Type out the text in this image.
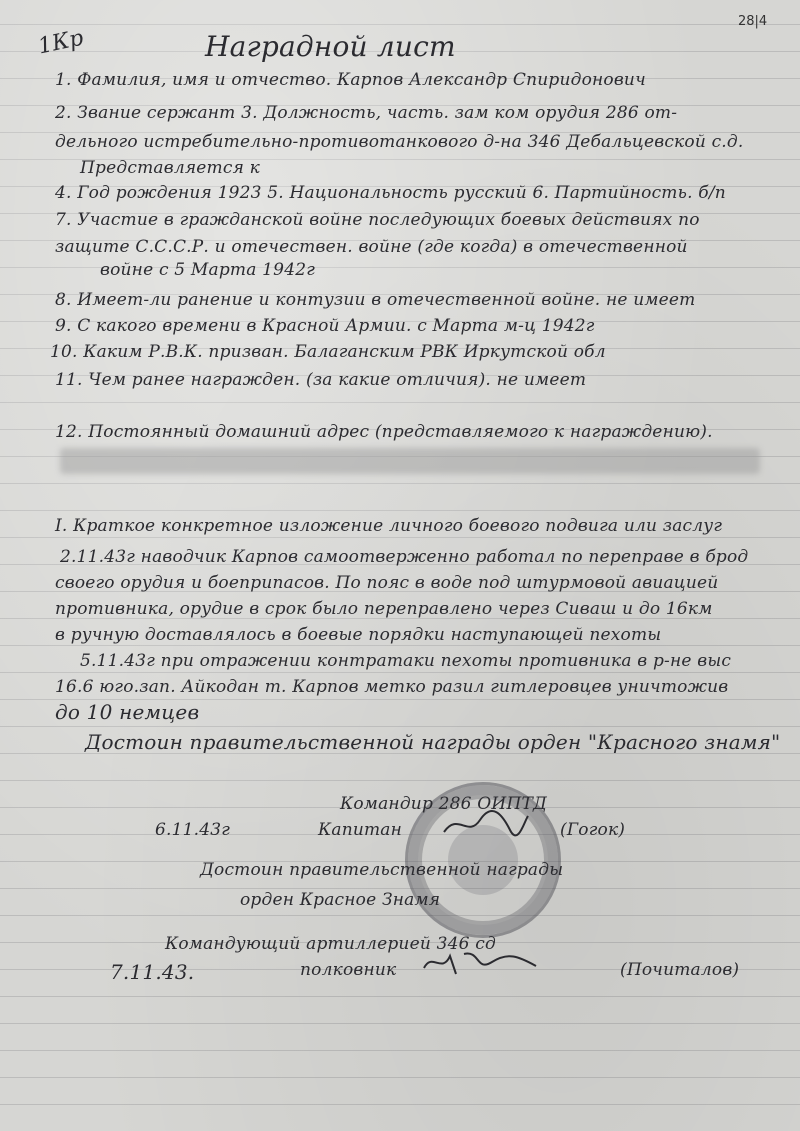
28|4
1Кр	Наградной лист
1. Фамилия, имя и отчество. Карпов Александр Спиридонович
2. Звание сержант 3. Должность, часть. зам ком орудия 286 от-
дельного истребительно-противотанкового д-на 346 Дебальцевской с.д.
Представляется к
4. Год рождения 1923 5. Национальность русский 6. Партийность. б/п
7. Участие в гражданской войне последующих боевых действиях по
защите С.С.С.Р. и отечествен. войне (где когда) в отечественной
войне с 5 Марта 1942г
8. Имеет-ли ранение и контузии в отечественной войне. не имеет
9. С какого времени в Красной Армии. с Марта м-ц 1942г
10. Каким Р.В.К. призван. Балаганским РВК Иркутской обл
11. Чем ранее награжден. (за какие отличия). не имеет
12. Постоянный домашний адрес (представляемого к награждению).
I. Краткое конкретное изложение личного боевого подвига или заслуг
2.11.43г наводчик Карпов самоотверженно работал по переправе в брод
своего орудия и боеприпасов. По пояс в воде под штурмовой авиацией
противника, орудие в срок было переправлено через Сиваш и до 16км
в ручную доставлялось в боевые порядки наступающей пехоты
5.11.43г при отражении контратаки пехоты противника в р-не выс
16.6 юго.зап. Айкодан т. Карпов метко разил гитлеровцев уничтожив
до 10 немцев
Достоин правительственной награды орден "Красного знамя"
Командир 286 ОИПТД
6.11.43г	Капитан	(Гогок)
Достоин правительственной награды
орден Красное Знамя
Командующий артиллерией 346 сд
7.11.43.	полковник	(Почиталов)
